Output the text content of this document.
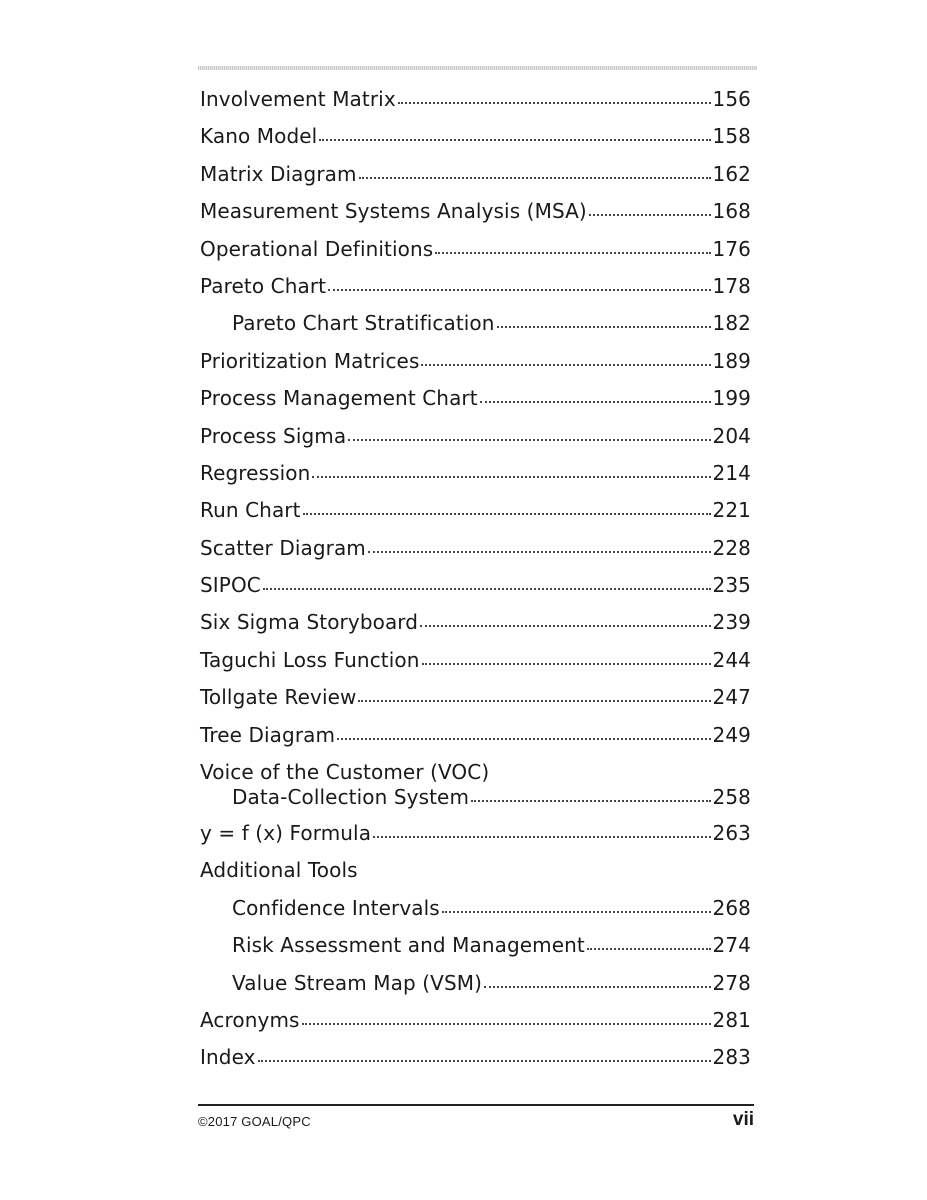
Involvement Matrix	156
Kano Model	158
Matrix Diagram	162
Measurement Systems Analysis (MSA)	168
Operational Definitions	176
Pareto Chart	178
Pareto Chart Stratification	182
Prioritization Matrices	189
Process Management Chart	199
Process Sigma	204
Regression	214
Run Chart	221
Scatter Diagram	228
SIPOC	235
Six Sigma Storyboard	239
Taguchi Loss Function	244
Tollgate Review	247
Tree Diagram	249
Voice of the Customer (VOC)
Data-Collection System	258
y = f (x) Formula	263
Additional Tools
Confidence Intervals	268
Risk Assessment and Management	274
Value Stream Map (VSM)	278
Acronyms	281
Index	283
©2017 GOAL/QPC	vii
